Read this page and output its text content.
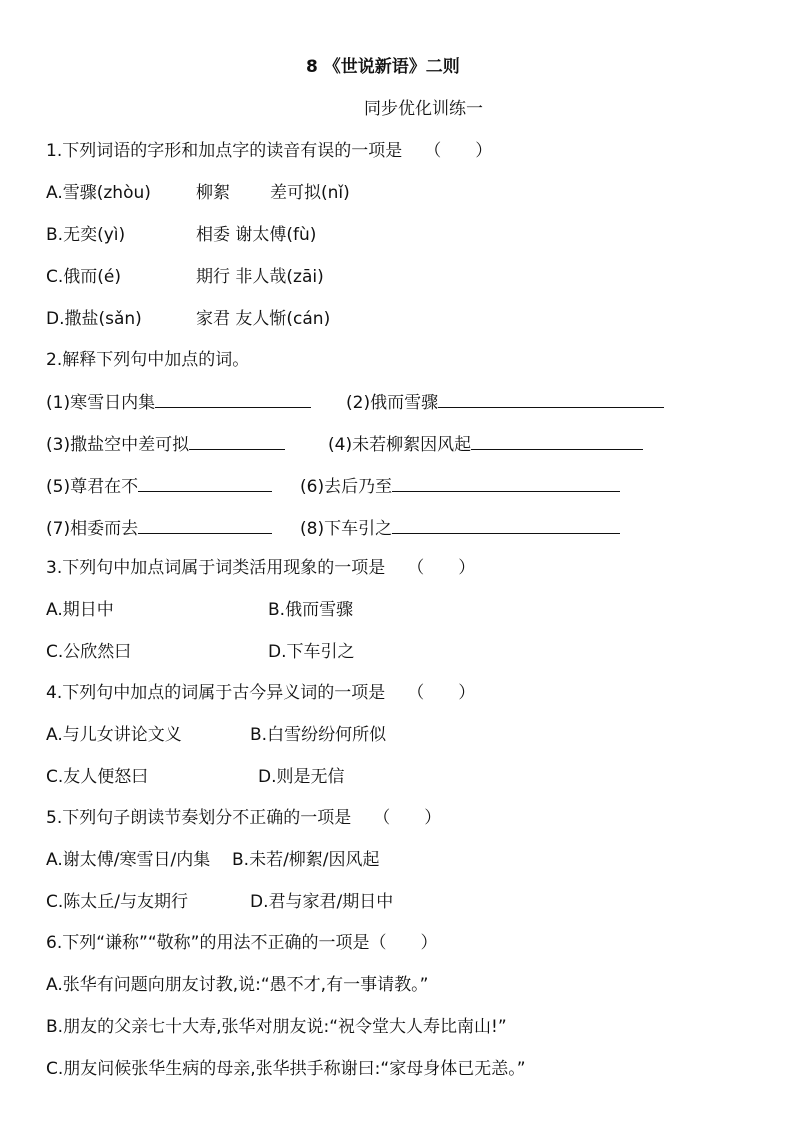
8 《世说新语》二则
同步优化训练一
1.下列词语的字形和加点字的读音有误的一项是 （　　）
A.雪骤(zhòu)	柳絮 差可拟(nǐ)

B.无奕(yì)	相委 谢太傅(fù)

C.俄而(é)	期行 非人哉(zāi)

D.撒盐(sǎn)	家君 友人惭(cán)

2.解释下列句中加点的词。
(1)寒雪日内集	(2)俄而雪骤

(3)撒盐空中差可拟	(4)未若柳絮因风起

(5)尊君在不	(6)去后乃至

(7)相委而去	(8)下车引之

3.下列句中加点词属于词类活用现象的一项是 （　　）
A.期日中	B.俄而雪骤

C.公欣然曰	D.下车引之

4.下列句中加点的词属于古今异义词的一项是 （　　）
A.与儿女讲论文义	B.白雪纷纷何所似

C.友人便怒曰	D.则是无信

5.下列句子朗读节奏划分不正确的一项是 （　　）
A.谢太傅/寒雪日/内集 B.未若/柳絮/因风起

C.陈太丘/与友期行	D.君与家君/期日中

6.下列“谦称”“敬称”的用法不正确的一项是（　　）
A.张华有问题向朋友讨教,说:“愚不才,有一事请教。”
B.朋友的父亲七十大寿,张华对朋友说:“祝令堂大人寿比南山!”
C.朋友问候张华生病的母亲,张华拱手称谢曰:“家母身体已无恙。”
